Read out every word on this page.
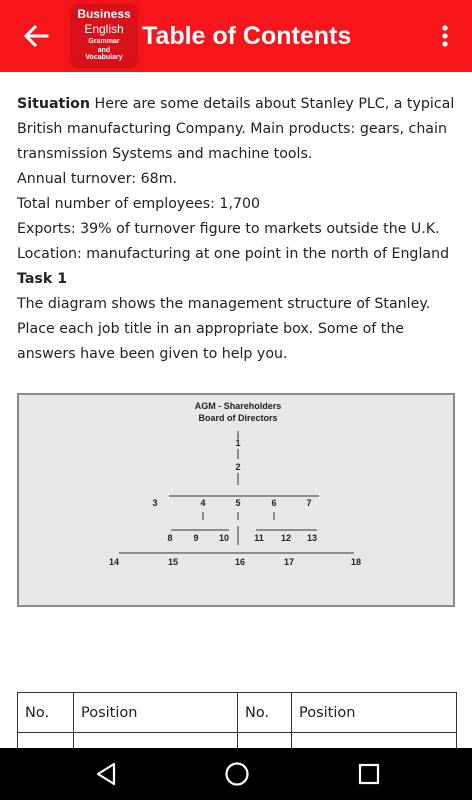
Business
English
Grammar
and
Vocabulary
Table of Contents

Situation Here are some details about Stanley PLC, a typical British manufacturing Company. Main products: gears, chain transmission Systems and machine tools.

Annual turnover: 68m.

Total number of employees: 1,700

Exports: 39% of turnover figure to markets outside the U.K.

Location: manufacturing at one point in the north of England

Task 1

The diagram shows the management structure of Stanley. Place each job title in an appropriate box. Some of the answers have been given to help you.

AGM - Shareholders
Board of Directors
1
2
3	4	5	6	7
8 9 10	11 12 13
14	15	16	17	18
No.	Position	No.	Position
